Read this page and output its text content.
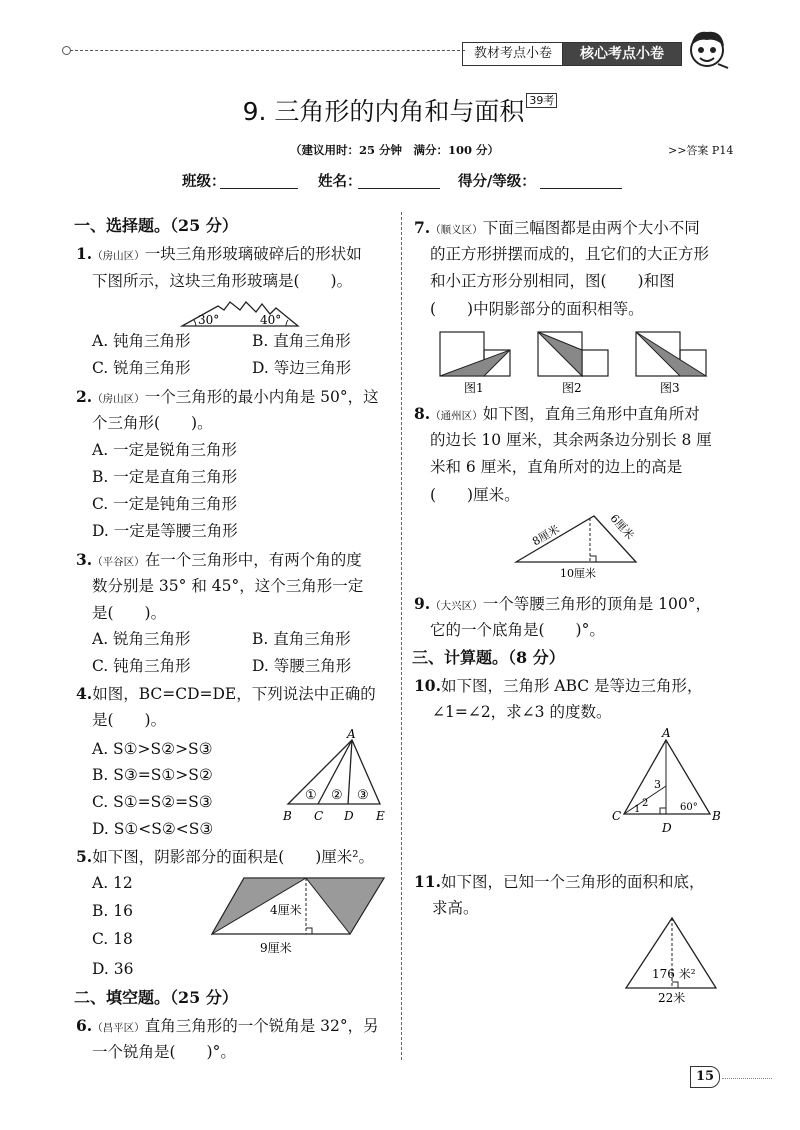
教材考点小卷	核心考点小卷
9. 三角形的内角和与面积 $^{39考}$
（建议用时：25 分钟　满分：100 分）	>>答案 P14
班级：	姓名：	得分/等级：
一、选择题。（25 分）
1.（房山区）一块三角形玻璃破碎后的形状如
下图所示，这块三角形玻璃是(　　)。
30°	40°
A. 钝角三角形	B. 直角三角形
C. 锐角三角形	D. 等边三角形
2.（房山区）一个三角形的最小内角是 50°，这
个三角形(　　)。
A. 一定是锐角三角形
B. 一定是直角三角形
C. 一定是钝角三角形
D. 一定是等腰三角形
3.（平谷区）在一个三角形中，有两个角的度
数分别是 35° 和 45°，这个三角形一定
是(　　)。
A. 锐角三角形	B. 直角三角形
C. 钝角三角形	D. 等腰三角形
4.如图，BC=CD=DE，下列说法中正确的
是(　　)。
A. S①>S②>S③
B. S③=S①>S②
C. S①=S②=S③
D. S①<S②<S③
A
B C D E
① ② ③
5.如下图，阴影部分的面积是(　　)厘米²。
A. 12
B. 16
C. 18
D. 36
4厘米
9厘米
二、填空题。（25 分）
6.（昌平区）直角三角形的一个锐角是 32°，另
一个锐角是(　　)°。
7.（顺义区）下面三幅图都是由两个大小不同
的正方形拼摆而成的，且它们的大正方形
和小正方形分别相同，图(　　)和图
(　　)中阴影部分的面积相等。
图1	图2	图3
8.（通州区）如下图，直角三角形中直角所对
的边长 10 厘米，其余两条边分别长 8 厘
米和 6 厘米，直角所对的边上的高是
(　　)厘米。
8厘米	6厘米
10厘米
9.（大兴区）一个等腰三角形的顶角是 100°，
它的一个底角是(　　)°。
三、计算题。（8 分）
10.如下图，三角形 ABC 是等边三角形，
∠1=∠2，求∠3 的度数。
A
B
C
D
1
2
3
60°
11.如下图，已知一个三角形的面积和底，
求高。
176 米²
22米
15
